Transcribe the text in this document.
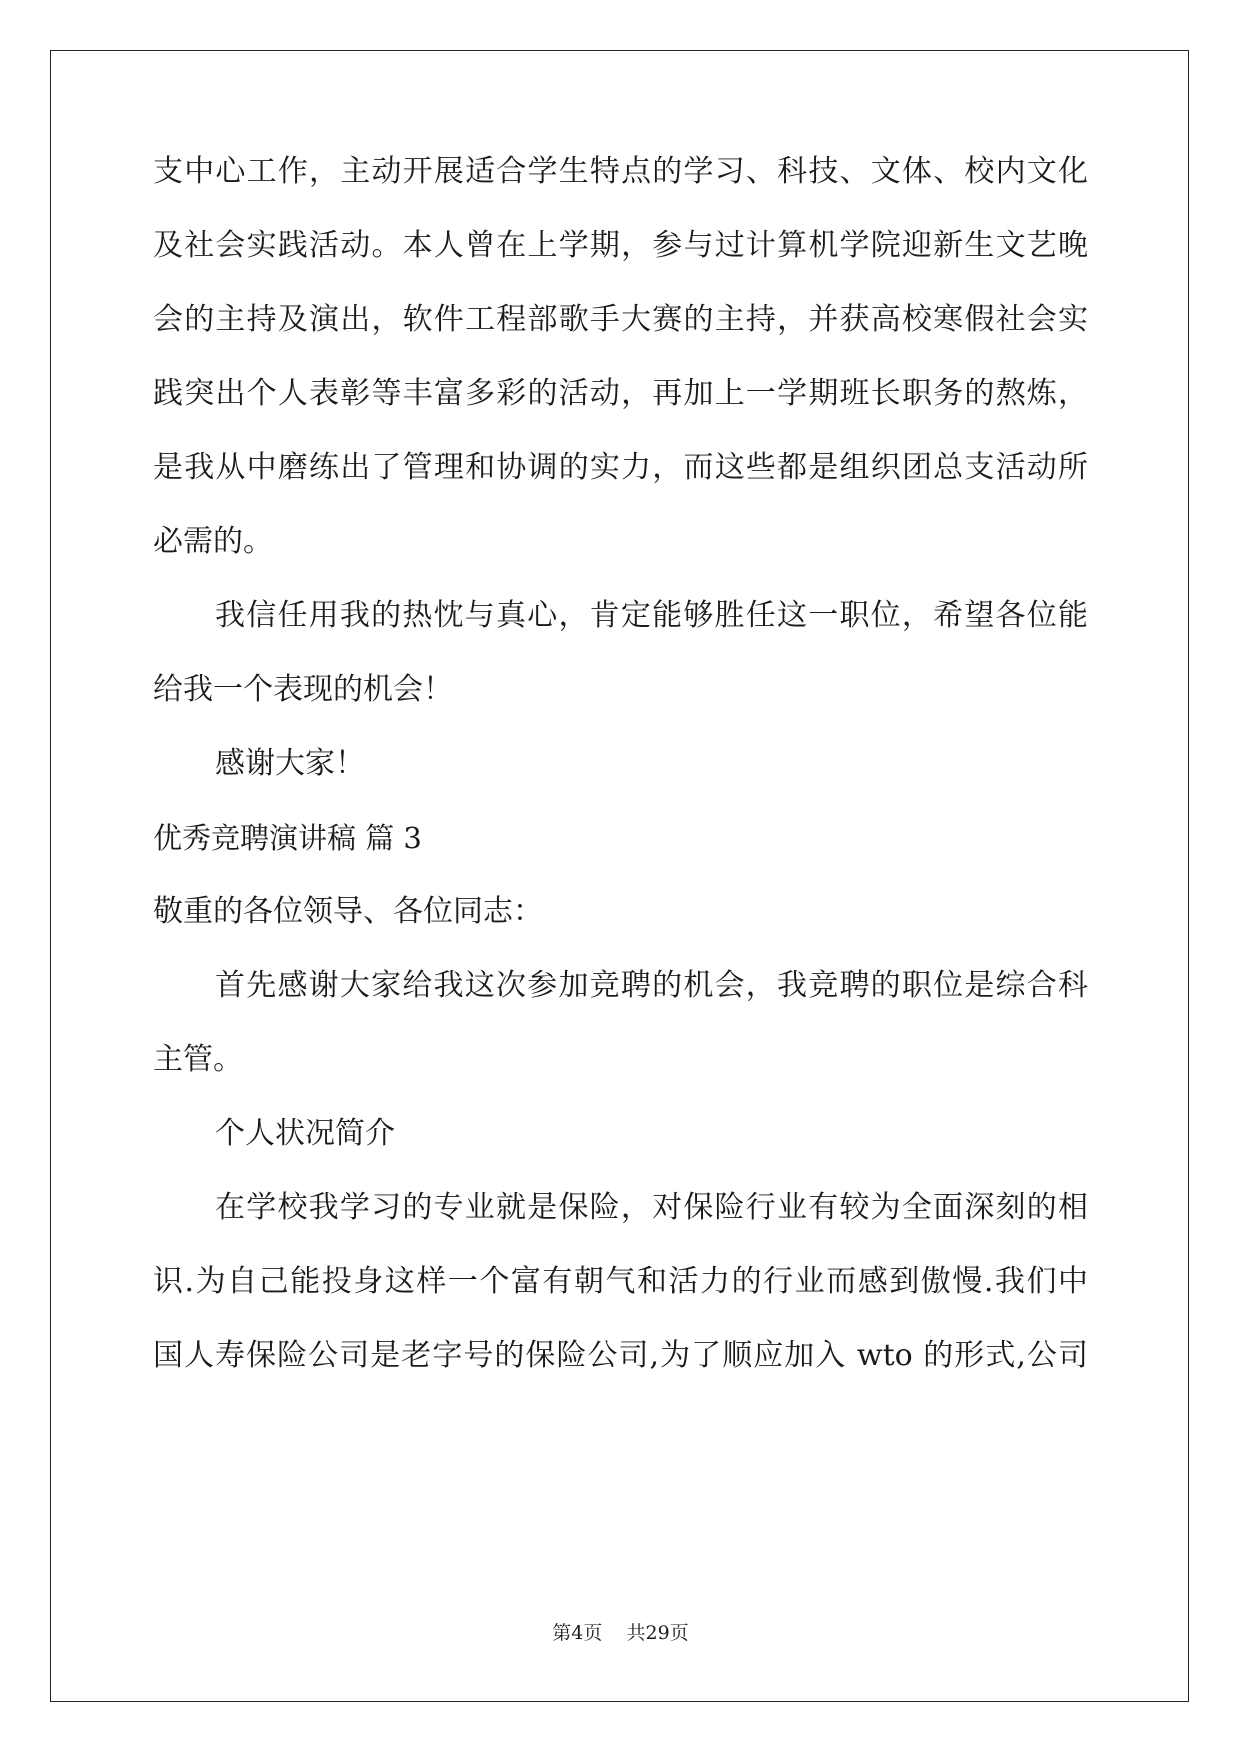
支中心工作，主动开展适合学生特点的学习、科技、文体、校内文化
及社会实践活动。本人曾在上学期，参与过计算机学院迎新生文艺晚
会的主持及演出，软件工程部歌手大赛的主持，并获高校寒假社会实
践突出个人表彰等丰富多彩的活动，再加上一学期班长职务的熬炼，
是我从中磨练出了管理和协调的实力，而这些都是组织团总支活动所
必需的。
我信任用我的热忱与真心，肯定能够胜任这一职位，希望各位能
给我一个表现的机会！
感谢大家！
优秀竞聘演讲稿 篇 3
敬重的各位领导、各位同志：
首先感谢大家给我这次参加竞聘的机会，我竞聘的职位是综合科
主管。
个人状况简介
在学校我学习的专业就是保险，对保险行业有较为全面深刻的相
识.为自己能投身这样一个富有朝气和活力的行业而感到傲慢.我们中
国人寿保险公司是老字号的保险公司,为了顺应加入 wto 的形式,公司
第4页    共29页
